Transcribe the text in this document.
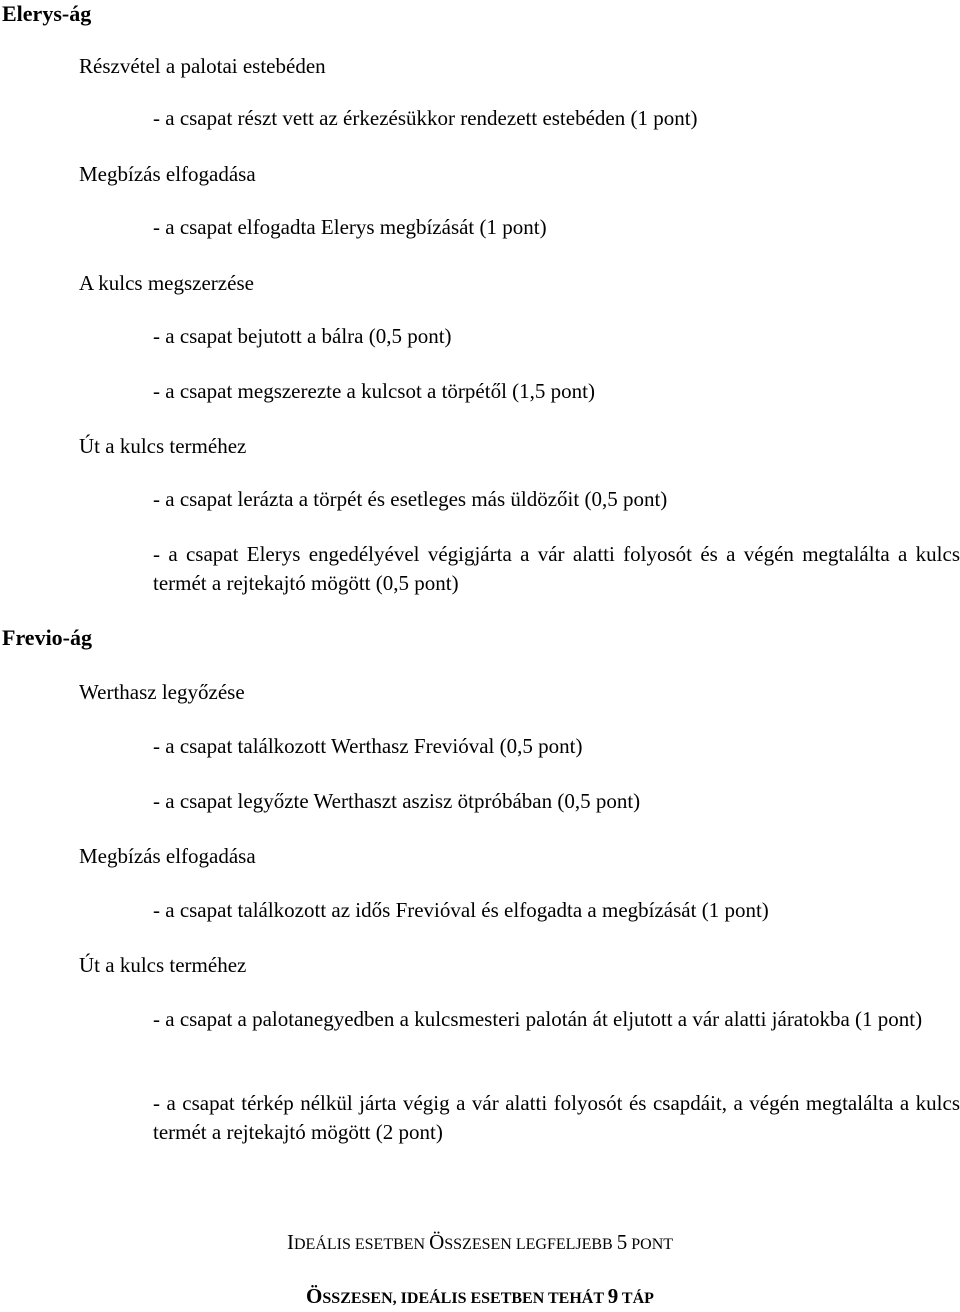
Elerys-ág

Részvétel a palotai estebéden

- a csapat részt vett az érkezésükkor rendezett estebéden (1 pont)

Megbízás elfogadása

- a csapat elfogadta Elerys megbízását (1 pont)

A kulcs megszerzése

- a csapat bejutott a bálra (0,5 pont)

- a csapat megszerezte a kulcsot a törpétől (1,5 pont)

Út a kulcs terméhez

- a csapat lerázta a törpét és esetleges más üldözőit (0,5 pont)

- a csapat Elerys engedélyével végigjárta a vár alatti folyosót és a végén megtalálta a kulcs termét a rejtekajtó mögött (0,5 pont)

Frevio-ág

Werthasz legyőzése

- a csapat találkozott Werthasz Frevióval (0,5 pont)

- a csapat legyőzte Werthaszt aszisz ötpróbában (0,5 pont)

Megbízás elfogadása

- a csapat találkozott az idős Frevióval és elfogadta a megbízását (1 pont)

Út a kulcs terméhez

- a csapat a palotanegyedben a kulcsmesteri palotán át eljutott a vár alatti járatokba (1 pont)

- a csapat térkép nélkül járta végig a vár alatti folyosót és csapdáit, a végén megtalálta a kulcs termét a rejtekajtó mögött (2 pont)

IDEÁLIS ESETBEN ÖSSZESEN LEGFELJEBB 5 PONT

ÖSSZESEN, IDEÁLIS ESETBEN TEHÁT 9 TÁP
